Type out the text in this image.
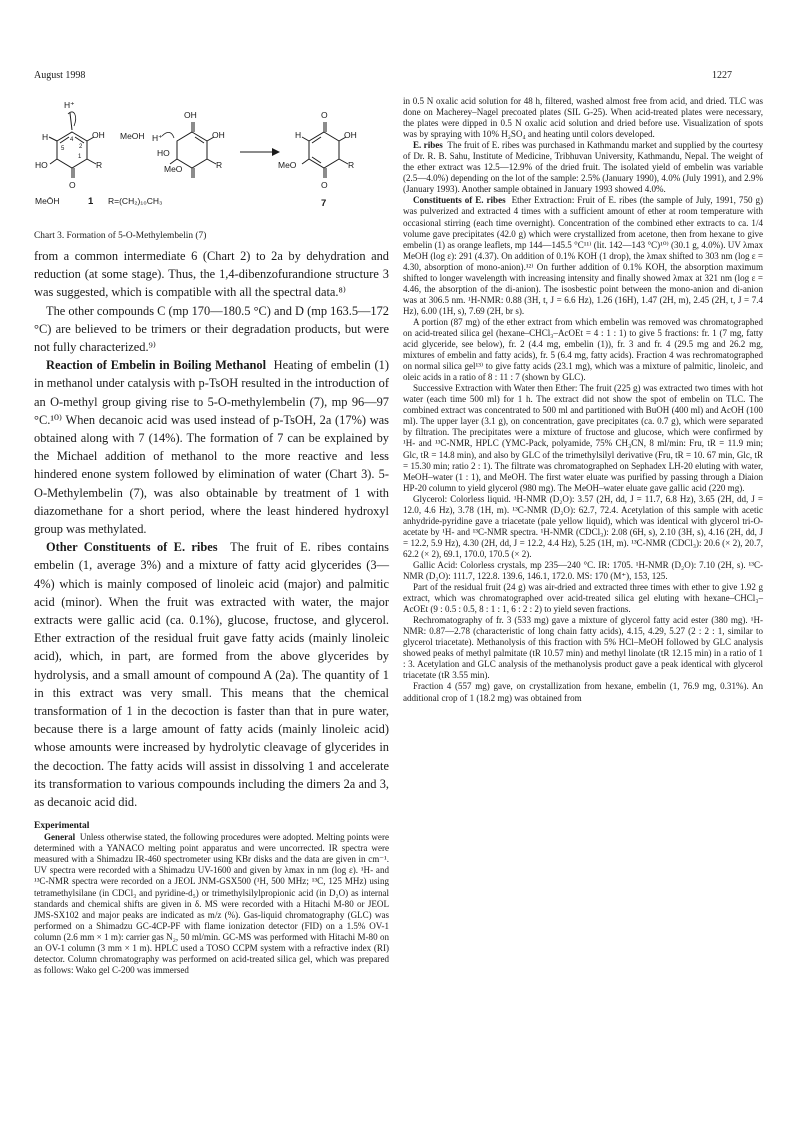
August 1998	1227
H⁺
H	OH
HO	R
O
5
4
1
2
MeŌH	1 R=(CH₂)₁₀CH₃
MeOH H⁺
OH
OH
HO
MeO	R
H
O
OH
MeO	R
O
7
Chart 3. Formation of 5-O-Methylembelin (7)

from a common intermediate 6 (Chart 2) to 2a by dehydration and reduction (at some stage). Thus, the 1,4-dibenzofurandione structure 3 was suggested, which is compatible with all the spectral data.⁸⁾

The other compounds C (mp 170—180.5 °C) and D (mp 163.5—172 °C) are believed to be trimers or their degradation products, but were not fully characterized.⁹⁾

Reaction of Embelin in Boiling Methanol Heating of embelin (1) in methanol under catalysis with p-TsOH resulted in the introduction of an O-methyl group giving rise to 5-O-methylembelin (7), mp 96—97 °C.¹⁰⁾ When decanoic acid was used instead of p-TsOH, 2a (17%) was obtained along with 7 (14%). The formation of 7 can be explained by the Michael addition of methanol to the more reactive and less hindered enone system followed by elimination of water (Chart 3). 5-O-Methylembelin (7), was also obtainable by treatment of 1 with diazomethane for a short period, where the least hindered hydroxyl group was methylated.

Other Constituents of E. ribes The fruit of E. ribes contains embelin (1, average 3%) and a mixture of fatty acid glycerides (3—4%) which is mainly composed of linoleic acid (major) and palmitic acid (minor). When the fruit was extracted with water, the major extracts were gallic acid (ca. 0.1%), glucose, fructose, and glycerol. Ether extraction of the residual fruit gave fatty acids (mainly linoleic acid), which, in part, are formed from the above glycerides by hydrolysis, and a small amount of compound A (2a). The quantity of 1 in this extract was very small. This means that the chemical transformation of 1 in the decoction is faster than that in pure water, because there is a large amount of fatty acids (mainly linoleic acid) whose amounts were increased by hydrolytic cleavage of glycerides in the decoction. The fatty acids will assist in dissolving 1 and accelerate its transformation to various compounds including the dimers 2a and 3, as decanoic acid did.

Experimental

General Unless otherwise stated, the following procedures were adopted. Melting points were determined with a YANACO melting point apparatus and were uncorrected. IR spectra were measured with a Shimadzu IR-460 spectrometer using KBr disks and the data are given in cm⁻¹. UV spectra were recorded with a Shimadzu UV-1600 and given by λmax in nm (log ε). ¹H- and ¹³C-NMR spectra were recorded on a JEOL JNM-GSX500 (¹H, 500 MHz; ¹³C, 125 MHz) using tetramethylsilane (in CDCl₃ and pyridine-d₅) or trimethylsilylpropionic acid (in D₂O) as internal standards and chemical shifts are given in δ. MS were recorded with a Hitachi M-80 or JEOL JMS-SX102 and major peaks are indicated as m/z (%). Gas-liquid chromatography (GLC) was performed on a Shimadzu GC-4CP-PF with flame ionization detector (FID) on a 1.5% OV-1 column (2.6 mm × 1 m): carrier gas N₂, 50 ml/min. GC-MS was performed with Hitachi M-80 on an OV-1 column (3 mm × 1 m). HPLC used a TOSO CCPM system with a refractive index (RI) detector. Column chromatography was performed on acid-treated silica gel, which was prepared as follows: Wako gel C-200 was immersed

in 0.5 N oxalic acid solution for 48 h, filtered, washed almost free from acid, and dried. TLC was done on Macherey–Nagel precoated plates (SIL G-25). When acid-treated plates were necessary, the plates were dipped in 0.5 N oxalic acid solution and dried before use. Visualization of spots was by spraying with 10% H₂SO₄ and heating until colors developed.

E. ribes The fruit of E. ribes was purchased in Kathmandu market and supplied by the courtesy of Dr. R. B. Sahu, Institute of Medicine, Tribhuvan University, Kathmandu, Nepal. The weight of the ether extract was 12.5—12.9% of the dried fruit. The isolated yield of embelin was variable (2.5—4.0%) depending on the lot of the sample: 2.5% (January 1990), 4.0% (July 1991), and 2.9% (January 1993). Another sample obtained in January 1993 showed 4.0%.

Constituents of E. ribes Ether Extraction: Fruit of E. ribes (the sample of July, 1991, 750 g) was pulverized and extracted 4 times with a sufficient amount of ether at room temperature with occasional stirring (each time overnight). Concentration of the combined ether extracts to ca. 1/4 volume gave precipitates (42.0 g) which were crystallized from acetone, then from hexane to give embelin (1) as orange leaflets, mp 144—145.5 °C¹¹⁾ (lit. 142—143 °C)¹⁰⁾ (30.1 g, 4.0%). UV λmax MeOH (log ε): 291 (4.37). On addition of 0.1% KOH (1 drop), the λmax shifted to 303 nm (log ε = 4.30, absorption of mono-anion).¹²⁾ On further addition of 0.1% KOH, the absorption maximum shifted to longer wavelength with increasing intensity and finally showed λmax at 321 nm (log ε = 4.46, the absorption of the di-anion). The isosbestic point between the mono-anion and di-anion was at 306.5 nm. ¹H-NMR: 0.88 (3H, t, J = 6.6 Hz), 1.26 (16H), 1.47 (2H, m), 2.45 (2H, t, J = 7.4 Hz), 6.00 (1H, s), 7.69 (2H, br s).

A portion (87 mg) of the ether extract from which embelin was removed was chromatographed on acid-treated silica gel (hexane–CHCl₃–AcOEt = 4 : 1 : 1) to give 5 fractions: fr. 1 (7 mg, fatty acid glyceride, see below), fr. 2 (4.4 mg, embelin (1)), fr. 3 and fr. 4 (29.5 mg and 26.2 mg, mixtures of embelin and fatty acids), fr. 5 (6.4 mg, fatty acids). Fraction 4 was rechromatographed on normal silica gel¹³⁾ to give fatty acids (23.1 mg), which was a mixture of palmitic, linoleic, and oleic acids in a ratio of 8 : 11 : 7 (shown by GLC).

Successive Extraction with Water then Ether: The fruit (225 g) was extracted two times with hot water (each time 500 ml) for 1 h. The extract did not show the spot of embelin on TLC. The combined extract was concentrated to 500 ml and partitioned with BuOH (400 ml) and AcOH (100 ml). The upper layer (3.1 g), on concentration, gave precipitates (ca. 0.7 g), which were separated by filtration. The precipitates were a mixture of fructose and glucose, which were confirmed by ¹H- and ¹³C-NMR, HPLC (YMC-Pack, polyamide, 75% CH₃CN, 8 ml/min: Fru, tR = 11.9 min; Glc, tR = 14.8 min), and also by GLC of the trimethylsilyl derivative (Fru, tR = 10. 67 min, Glc, tR = 15.30 min; ratio 2 : 1). The filtrate was chromatographed on Sephadex LH-20 eluting with water, MeOH–water (1 : 1), and MeOH. The first water eluate was purified by passing through a Diaion HP-20 column to yield glycerol (980 mg). The MeOH–water eluate gave gallic acid (220 mg).

Glycerol: Colorless liquid. ¹H-NMR (D₂O): 3.57 (2H, dd, J = 11.7, 6.8 Hz), 3.65 (2H, dd, J = 12.0, 4.6 Hz), 3.78 (1H, m). ¹³C-NMR (D₂O): 62.7, 72.4. Acetylation of this sample with acetic anhydride-pyridine gave a triacetate (pale yellow liquid), which was identical with glycerol tri-O-acetate by ¹H- and ¹³C-NMR spectra. ¹H-NMR (CDCl₃): 2.08 (6H, s), 2.10 (3H, s), 4.16 (2H, dd, J = 12.2, 5.9 Hz), 4.30 (2H, dd, J = 12.2, 4.4 Hz), 5.25 (1H, m). ¹³C-NMR (CDCl₃): 20.6 (× 2), 20.7, 62.2 (× 2), 69.1, 170.0, 170.5 (× 2).

Gallic Acid: Colorless crystals, mp 235—240 °C. IR: 1705. ¹H-NMR (D₂O): 7.10 (2H, s). ¹³C-NMR (D₂O): 111.7, 122.8. 139.6, 146.1, 172.0. MS: 170 (M⁺), 153, 125.

Part of the residual fruit (24 g) was air-dried and extracted three times with ether to give 1.92 g extract, which was chromatographed over acid-treated silica gel eluting with hexane–CHCl₃–AcOEt (9 : 0.5 : 0.5, 8 : 1 : 1, 6 : 2 : 2) to yield seven fractions.

Rechromatography of fr. 3 (533 mg) gave a mixture of glycerol fatty acid ester (380 mg). ¹H-NMR: 0.87—2.78 (characteristic of long chain fatty acids), 4.15, 4.29, 5.27 (2 : 2 : 1, similar to glycerol triacetate). Methanolysis of this fraction with 5% HCl–MeOH followed by GLC analysis showed peaks of methyl palmitate (tR 10.57 min) and methyl linolate (tR 12.15 min) in a ratio of 1 : 3. Acetylation and GLC analysis of the methanolysis product gave a peak identical with glycerol triacetate (tR 3.55 min).

Fraction 4 (557 mg) gave, on crystallization from hexane, embelin (1, 76.9 mg, 0.31%). An additional crop of 1 (18.2 mg) was obtained from
